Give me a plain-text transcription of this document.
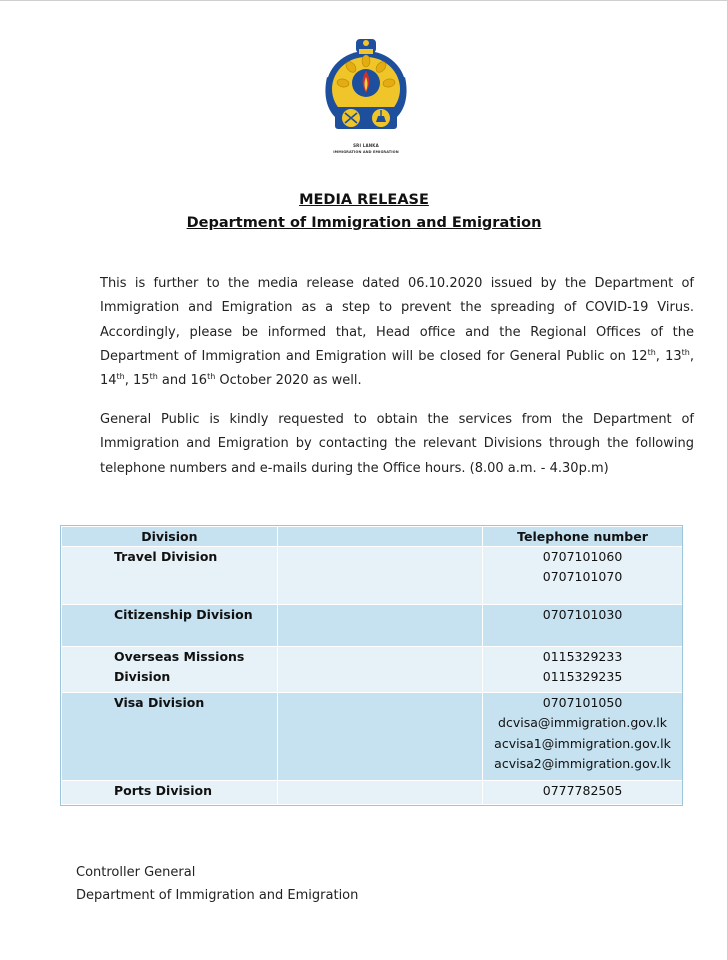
SRI LANKA
IMMIGRATION AND EMIGRATION
MEDIA RELEASE
Department of Immigration and Emigration
This is further to the media release dated 06.10.2020 issued by the Department of Immigration and Emigration as a step to prevent the spreading of COVID-19 Virus. Accordingly, please be informed that, Head office and the Regional Offices of the Department of Immigration and Emigration will be closed for General Public on 12th, 13th, 14th, 15th and 16th October 2020 as well.
General Public is kindly requested to obtain the services from the Department of Immigration and Emigration by contacting the relevant Divisions through the following telephone numbers and e-mails during the Office hours. (8.00 a.m. - 4.30p.m)
Division		Telephone number
Travel Division		0707101060
0707101070

Citizenship Division		0707101030

Overseas Missions Division		0115329233
0115329235

Visa Division		0707101050
dcvisa@immigration.gov.lk
acvisa1@immigration.gov.lk
acvisa2@immigration.gov.lk

Ports Division		0777782505
Controller General
Department of Immigration and Emigration
